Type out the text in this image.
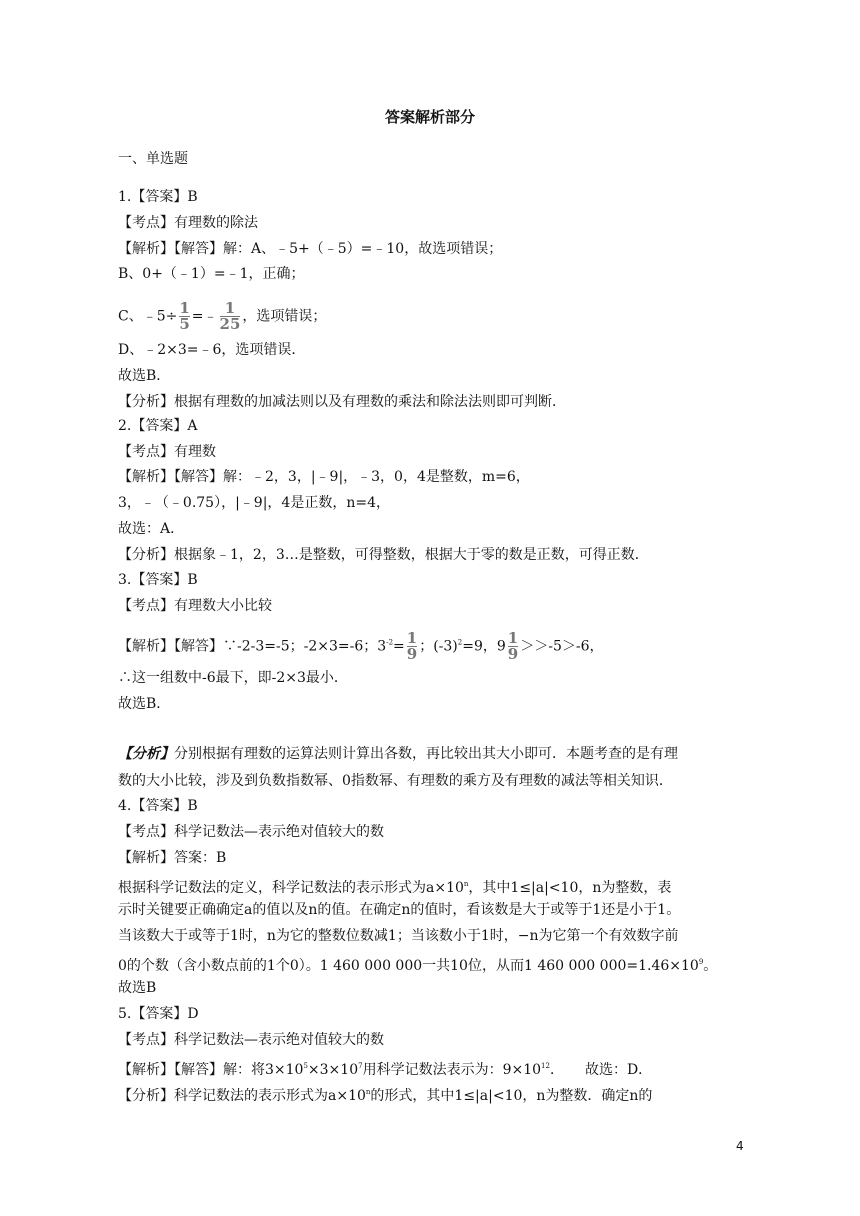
答案解析部分
一、单选题
1.【答案】B
【考点】有理数的除法
【解析】【解答】解：A、﹣5+（﹣5）=﹣10，故选项错误；
B、0+（﹣1）=﹣1，正确；
C、﹣5÷ $\frac{1}{5}$ =﹣ $\frac{1}{25}$ ，选项错误；
D、﹣2×3=﹣6，选项错误．
故选B．
【分析】根据有理数的加减法则以及有理数的乘法和除法法则即可判断．
2.【答案】A
【考点】有理数
【解析】【解答】解：﹣2，3，|﹣9|，﹣3，0，4是整数，m=6，
3，﹣（﹣0.75），|﹣9|，4是正数，n=4，
故选：A．
【分析】根据象﹣1，2，3…是整数，可得整数，根据大于零的数是正数，可得正数．
3.【答案】B
【考点】有理数大小比较
【解析】【解答】∵-2-3=-5；-2×3=-6；$3^{-2}= \frac{1}{9}$ ；$(-3)^2=9$，$9 \frac{1}{9} >>-5>-6$，
∴这一组数中-6最下，即-2×3最小．
故选B．
【分析】分别根据有理数的运算法则计算出各数，再比较出其大小即可．本题考查的是有理
数的大小比较，涉及到负数指数幂、0指数幂、有理数的乘方及有理数的减法等相关知识．
4.【答案】B
【考点】科学记数法—表示绝对值较大的数
【解析】答案：B
根据科学记数法的定义，科学记数法的表示形式为$a\times 10^n$，其中1≤|a|<10，n为整数，表
示时关键要正确确定a的值以及n的值。在确定n的值时，看该数是大于或等于1还是小于1。
当该数大于或等于1时，n为它的整数位数减1；当该数小于1时，−n为它第一个有效数字前
0的个数（含小数点前的1个0）。1 460 000 000一共10位，从而1 460 000 $000=1.46\times 10^9$。
故选B
5.【答案】D
【考点】科学记数法—表示绝对值较大的数
【解析】【解答】解：将$3\times 10^5\times 3\times 10^7$用科学记数法表示为：$9\times 10^{12}$．　　故选：D．
【分析】科学记数法的表示形式为$a\times 10^n$的形式，其中1≤|a|<10，n为整数．确定n的
4
